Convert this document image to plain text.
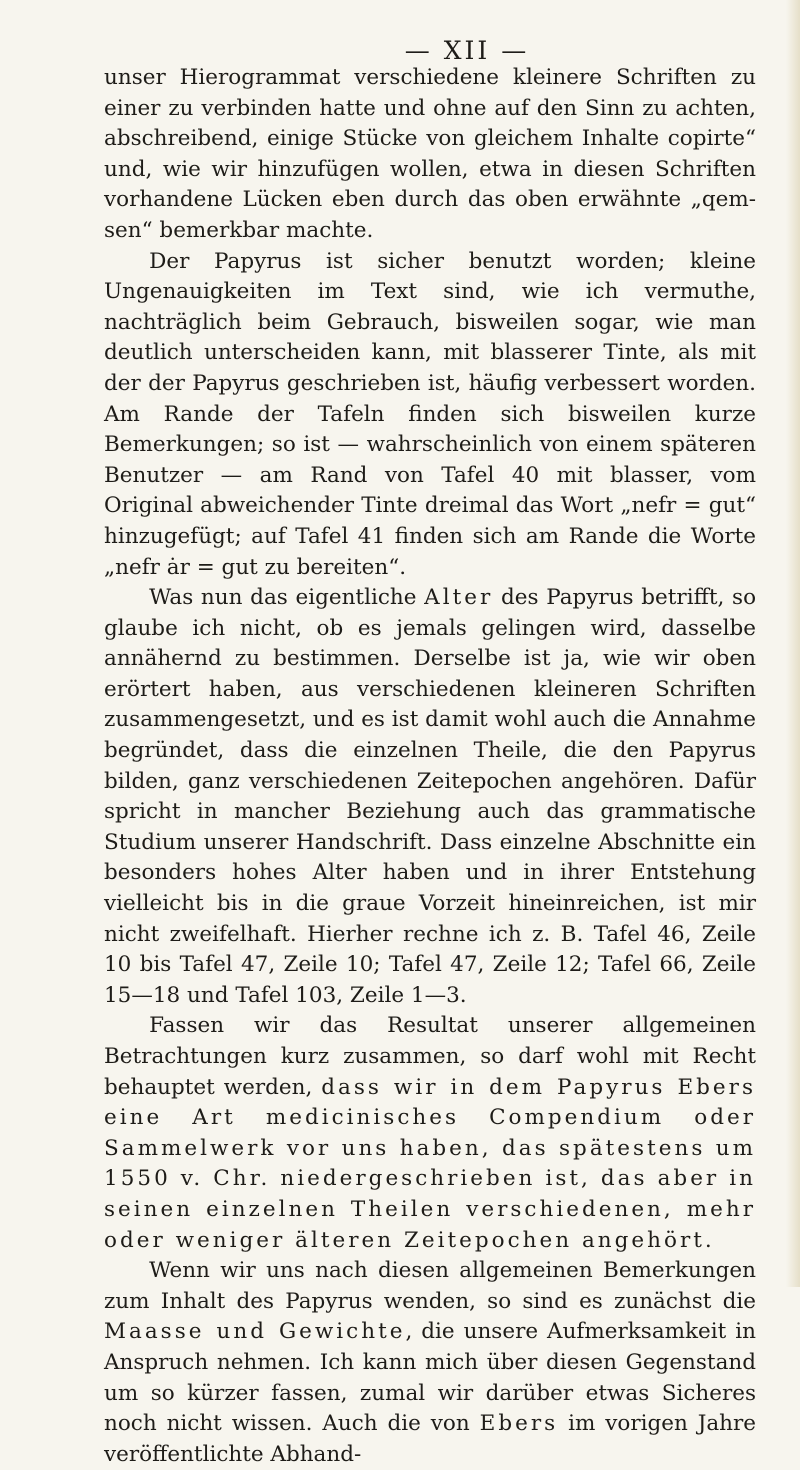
— XII —

unser Hierogrammat verschiedene kleinere Schriften zu einer zu verbinden hatte und ohne auf den Sinn zu achten, abschreibend, einige Stücke von gleichem Inhalte copirte“ und, wie wir hinzufügen wollen, etwa in diesen Schriften vorhandene Lücken eben durch das oben erwähnte „qem-sen“ bemerkbar machte.

Der Papyrus ist sicher benutzt worden; kleine Ungenauigkeiten im Text sind, wie ich vermuthe, nachträglich beim Gebrauch, bisweilen sogar, wie man deutlich unterscheiden kann, mit blasserer Tinte, als mit der der Papyrus geschrieben ist, häufig verbessert worden. Am Rande der Tafeln finden sich bisweilen kurze Bemerkungen; so ist — wahrscheinlich von einem späteren Benutzer — am Rand von Tafel 40 mit blasser, vom Original abweichender Tinte dreimal das Wort „nefr = gut“ hinzugefügt; auf Tafel 41 finden sich am Rande die Worte „nefr ȧr = gut zu bereiten“.

Was nun das eigentliche Alter des Papyrus betrifft, so glaube ich nicht, ob es jemals gelingen wird, dasselbe annähernd zu bestimmen. Derselbe ist ja, wie wir oben erörtert haben, aus verschiedenen kleineren Schriften zusammengesetzt, und es ist damit wohl auch die Annahme begründet, dass die einzelnen Theile, die den Papyrus bilden, ganz verschiedenen Zeitepochen angehören. Dafür spricht in mancher Beziehung auch das grammatische Studium unserer Handschrift. Dass einzelne Abschnitte ein besonders hohes Alter haben und in ihrer Entstehung vielleicht bis in die graue Vorzeit hineinreichen, ist mir nicht zweifelhaft. Hierher rechne ich z. B. Tafel 46, Zeile 10 bis Tafel 47, Zeile 10; Tafel 47, Zeile 12; Tafel 66, Zeile 15—18 und Tafel 103, Zeile 1—3.

Fassen wir das Resultat unserer allgemeinen Betrachtungen kurz zusammen, so darf wohl mit Recht behauptet werden, dass wir in dem Papyrus Ebers eine Art medicinisches Compendium oder Sammelwerk vor uns haben, das spätestens um 1550 v. Chr. niedergeschrieben ist, das aber in seinen einzelnen Theilen verschiedenen, mehr oder weniger älteren Zeitepochen angehört.

Wenn wir uns nach diesen allgemeinen Bemerkungen zum Inhalt des Papyrus wenden, so sind es zunächst die Maasse und Gewichte, die unsere Aufmerksamkeit in Anspruch nehmen. Ich kann mich über diesen Gegenstand um so kürzer fassen, zumal wir darüber etwas Sicheres noch nicht wissen. Auch die von Ebers im vorigen Jahre veröffentlichte Abhand-
